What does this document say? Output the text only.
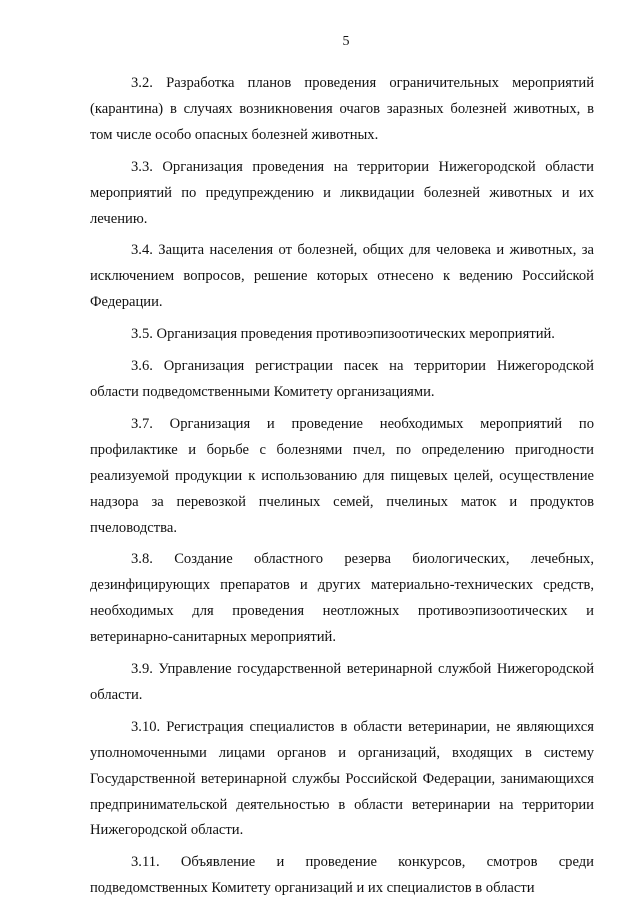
5

3.2. Разработка планов проведения ограничительных мероприятий (карантина) в случаях возникновения очагов заразных болезней животных, в том числе особо опасных болезней животных.

3.3. Организация проведения на территории Нижегородской области мероприятий по предупреждению и ликвидации болезней животных и их лечению.

3.4. Защита населения от болезней, общих для человека и животных, за исключением вопросов, решение которых отнесено к ведению Российской Федерации.

3.5. Организация проведения противоэпизоотических мероприятий.

3.6. Организация регистрации пасек на территории Нижегородской области подведомственными Комитету организациями.

3.7. Организация и проведение необходимых мероприятий по профилактике и борьбе с болезнями пчел, по определению пригодности реализуемой продукции к использованию для пищевых целей, осуществление надзора за перевозкой пчелиных семей, пчелиных маток и продуктов пчеловодства.

3.8. Создание областного резерва биологических, лечебных, дезинфицирующих препаратов и других материально-технических средств, необходимых для проведения неотложных противоэпизоотических и ветеринарно-санитарных мероприятий.

3.9. Управление государственной ветеринарной службой Нижегородской области.

3.10. Регистрация специалистов в области ветеринарии, не являющихся уполномоченными лицами органов и организаций, входящих в систему Государственной ветеринарной службы Российской Федерации, занимающихся предпринимательской деятельностью в области ветеринарии на территории Нижегородской области.

3.11. Объявление и проведение конкурсов, смотров среди подведомственных Комитету организаций и их специалистов в области
